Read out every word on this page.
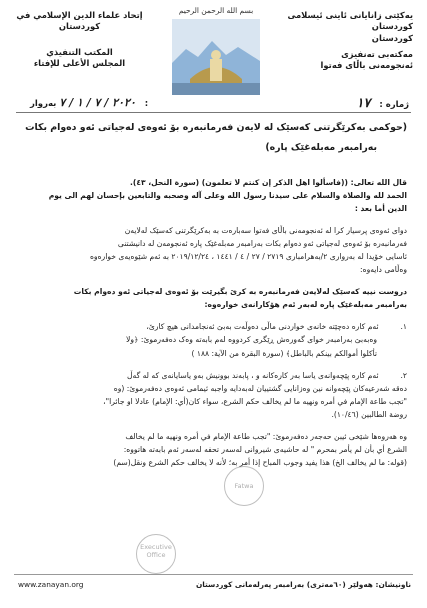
یەکێتی زانایانی ئاینی ئیسلامی کوردستان
کوردستان
مەکتەبی تەنفیزی
ئەنجومەنی باڵای فەتوا
بسم الله الرحمن الرحيم
إتحاد علماء الدين الإسلامي في
كوردستان
المكتب التنفيذي
المجلس الأعلى للإفتاء
ژمارە : ١٧
٢٠٢٠ / ٧ / ١ / ٧ بەروار :
(حوکمی بەکرێگرتنی کەسێک لە لایەن فەرمانبەرە بۆ ئەوەی لەجیاتی ئەو دەوام بکات
بەرامبەر مەبلەغێک پارە)
قال الله تعالى: ((فاسألوا اهل الذكر إن كنتم لا تعلمون) (سورة النحل، ٤٣).
الحمد لله والصلاة والسلام على سيدنا رسول الله وعلى آله وصحبه والتابعين بإحسان لهم الى يوم
الدين أما بعد :
دوای ئەوەی پرسیار کرا لە ئەنجومەنی باڵای فەتوا سەبارەت بە بەکرێگرتنی کەسێک لەلایەن
فەرمانبەرە بۆ ئەوەی لەجیاتی ئەو دەوام بکات بەرامبەر مەبلەغێک پارە ئەنجومەن لە دانیشتنی
ئاسایی خۆیدا لە بەرواری ٢/بەهرامباری ٢٧١٩ / ٢٧ / ٤ / ١٤٤١ ، ٢٠١٩/١٢/٢٤ بە ئەم شێوەیەی خوارەوە
وەڵامی دایەوە:
دروست نییە کەسێک لەلایەن فەرمانبەرە بە کرێ بگیرێت بۆ ئەوەی لەجیاتی ئەو دەوام بکات
بەرامبەر مەبلەغێک پارە لەبەر ئەم هۆکارانەی خوارەوە:
١. ئەم کارە دەچێتە خانەی خواردنی ماڵی دەوڵەت بەبێ ئەنجامدانی هیچ کارێ،
وەبەبێ بەرامبەر خوای گەورەش ڕێگری کردووە لەم بابەتە وەک دەفەرموێ: ﴿ولا
تأكلوا أموالكم بينكم بالباطل﴾ (سورة البقرة من الآية: ١٨٨ )
٢. ئەم کارە پێچەوانەی یاسا بەر کارەکانە و ، پابەند بوونیش بەو یاسایانەی کە لە گەڵ
دەقە شەرعیەکان پێچەوانە نین وەزانایی گشتییان لەبەدایە واجبە ئیمامی ئەوەی دەفەرموێ: (وە
"تجب طاعة الإمام في أمره ونهيه ما لم يخالف حكم الشرع، سواء كان(أي: الإمام) عادلا او جائرا"،
روضة الطالبين (١٠/٤٦).
وە هەروەها شێخی ئیبن حەجەر دەفەرموێ: "تجب طاعة الإمام في أمره ونهيه ما لم يخالف
الشرع أي بأن لم يأمر بمحرم " لە حاشیەی شیروانی لەسەر تحفه لەسەر ئەم بابەتە هاتووە:
(قوله: ما لم يخالف الخ) هذا يفيد وجوب المباح إذا أمر به؛ لأنه لا يخالف حكم الشرع ونقل(سم)
Fatwa
Executive Office
ناونیشان: هەولێر (٦٠مەتری) بەرامبەر پەرلەمانی کوردستان
www.zanayan.org
